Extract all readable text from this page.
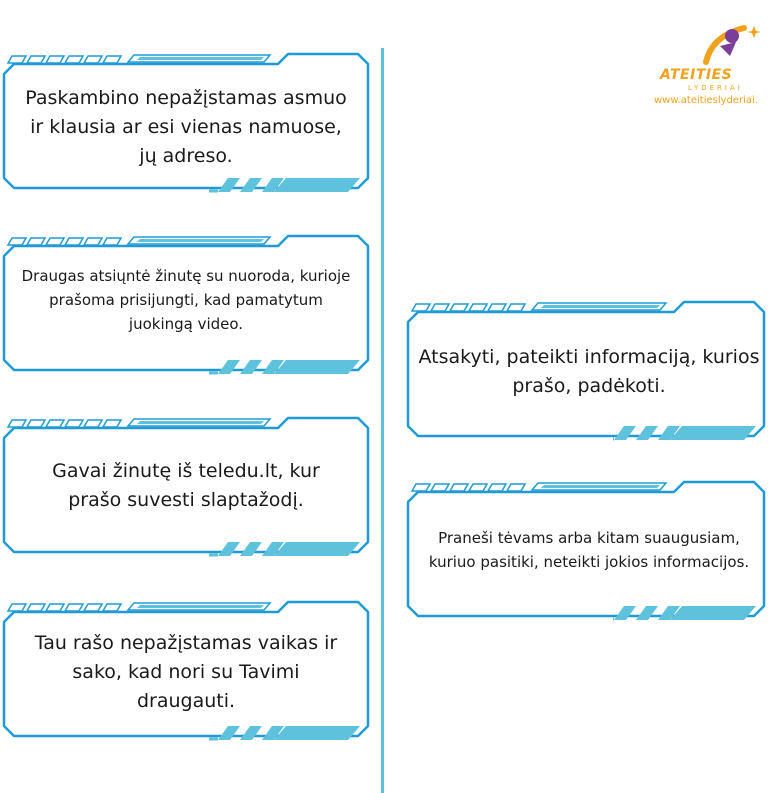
ATEITIES
LYDERIAI
www.ateitieslyderiai.
Paskambino nepažįstamas asmuo ir klausia ar esi vienas namuose, jų adreso.
Draugas atsiųntė žinutę su nuoroda, kurioje prašoma prisijungti, kad pamatytum juokingą video.
Gavai žinutę iš teledu.lt, kur prašo suvesti slaptažodį.
Tau rašo nepažįstamas vaikas ir sako, kad nori su Tavimi draugauti.
Atsakyti, pateikti informaciją, kurios prašo, padėkoti.
Praneši tėvams arba kitam suaugusiam, kuriuo pasitiki, neteikti jokios informacijos.
